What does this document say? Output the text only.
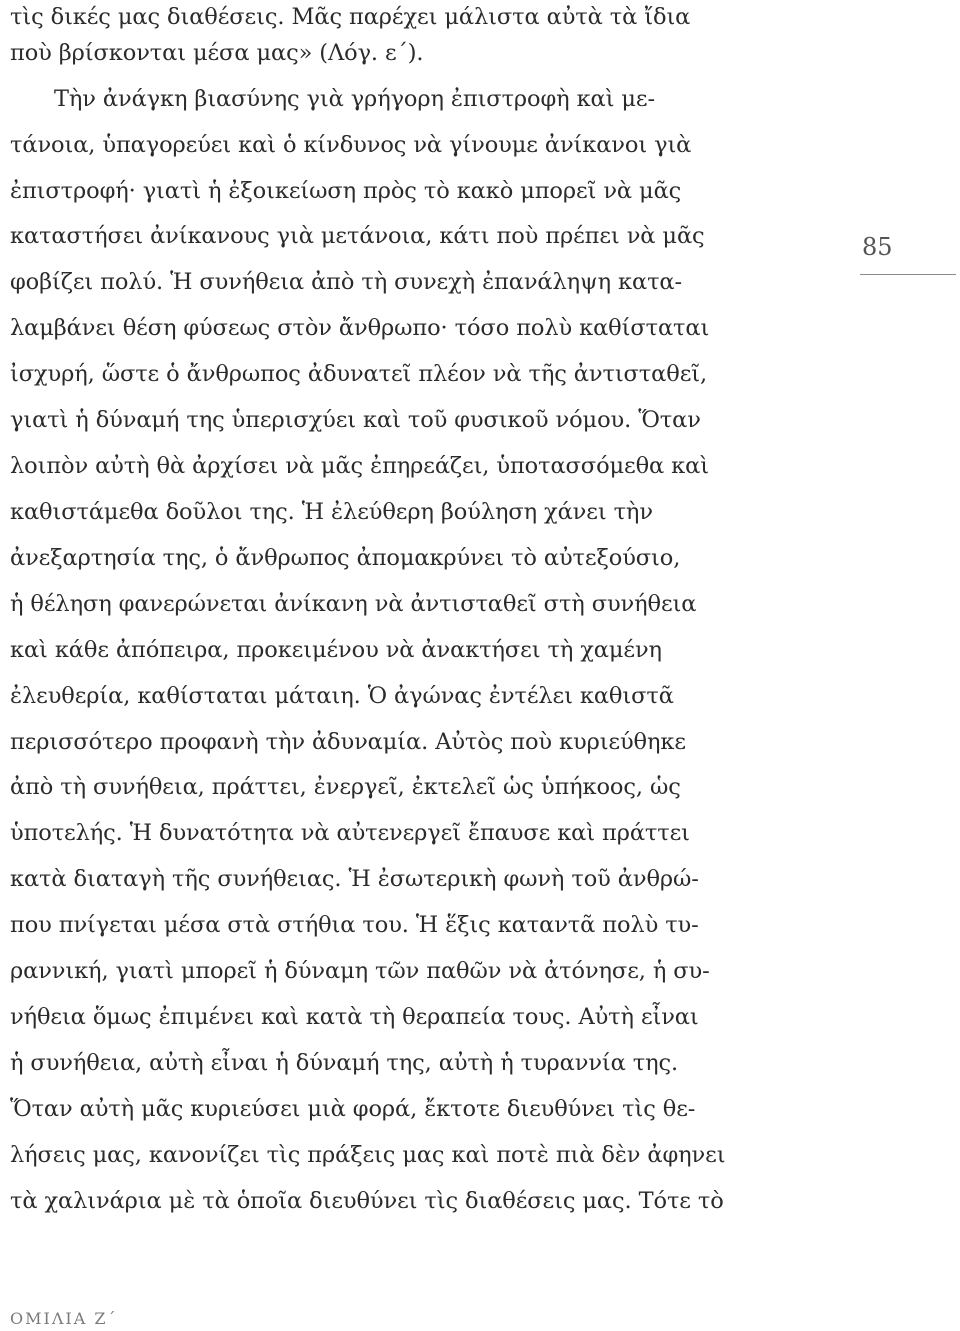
τὶς δικές μας διαθέσεις. Μᾶς παρέχει μάλιστα αὐτὰ τὰ ἴδια
ποὺ βρίσκονται μέσα μας» (Λόγ. ε΄).
Τὴν ἀνάγκη βιασύνης γιὰ γρήγορη ἐπιστροφὴ καὶ με-
τάνοια, ὑπαγορεύει καὶ ὁ κίνδυνος νὰ γίνουμε ἀνίκανοι γιὰ
ἐπιστροφή· γιατὶ ἡ ἐξοικείωση πρὸς τὸ κακὸ μπορεῖ νὰ μᾶς
καταστήσει ἀνίκανους γιὰ μετάνοια, κάτι ποὺ πρέπει νὰ μᾶς
φοβίζει πολύ. Ἡ συνήθεια ἀπὸ τὴ συνεχὴ ἐπανάληψη κατα-
λαμβάνει θέση φύσεως στὸν ἄνθρωπο· τόσο πολὺ καθίσταται
ἰσχυρή, ὥστε ὁ ἄνθρωπος ἀδυνατεῖ πλέον νὰ τῆς ἀντισταθεῖ,
γιατὶ ἡ δύναμή της ὑπερισχύει καὶ τοῦ φυσικοῦ νόμου. Ὅταν
λοιπὸν αὐτὴ θὰ ἀρχίσει νὰ μᾶς ἐπηρεάζει, ὑποτασσόμεθα καὶ
καθιστάμεθα δοῦλοι της. Ἡ ἐλεύθερη βούληση χάνει τὴν
ἀνεξαρτησία της, ὁ ἄνθρωπος ἀπομακρύνει τὸ αὐτεξούσιο,
ἡ θέληση φανερώνεται ἀνίκανη νὰ ἀντισταθεῖ στὴ συνήθεια
καὶ κάθε ἀπόπειρα, προκειμένου νὰ ἀνακτήσει τὴ χαμένη
ἐλευθερία, καθίσταται μάταιη. Ὁ ἀγώνας ἐντέλει καθιστᾶ
περισσότερο προφανὴ τὴν ἀδυναμία. Αὐτὸς ποὺ κυριεύθηκε
ἀπὸ τὴ συνήθεια, πράττει, ἐνεργεῖ, ἐκτελεῖ ὡς ὑπήκοος, ὡς
ὑποτελής. Ἡ δυνατότητα νὰ αὐτενεργεῖ ἔπαυσε καὶ πράττει
κατὰ διαταγὴ τῆς συνήθειας. Ἡ ἐσωτερικὴ φωνὴ τοῦ ἀνθρώ-
που πνίγεται μέσα στὰ στήθια του. Ἡ ἕξις καταντᾶ πολὺ τυ-
ραννική, γιατὶ μπορεῖ ἡ δύναμη τῶν παθῶν νὰ ἀτόνησε, ἡ συ-
νήθεια ὅμως ἐπιμένει καὶ κατὰ τὴ θεραπεία τους. Αὐτὴ εἶναι
ἡ συνήθεια, αὐτὴ εἶναι ἡ δύναμή της, αὐτὴ ἡ τυραννία της.
Ὅταν αὐτὴ μᾶς κυριεύσει μιὰ φορά, ἔκτοτε διευθύνει τὶς θε-
λήσεις μας, κανονίζει τὶς πράξεις μας καὶ ποτὲ πιὰ δὲν ἀφηνει
τὰ χαλινάρια μὲ τὰ ὁποῖα διευθύνει τὶς διαθέσεις μας. Τότε τὸ
85
ΟΜΙΛΙΑ Ζ΄
